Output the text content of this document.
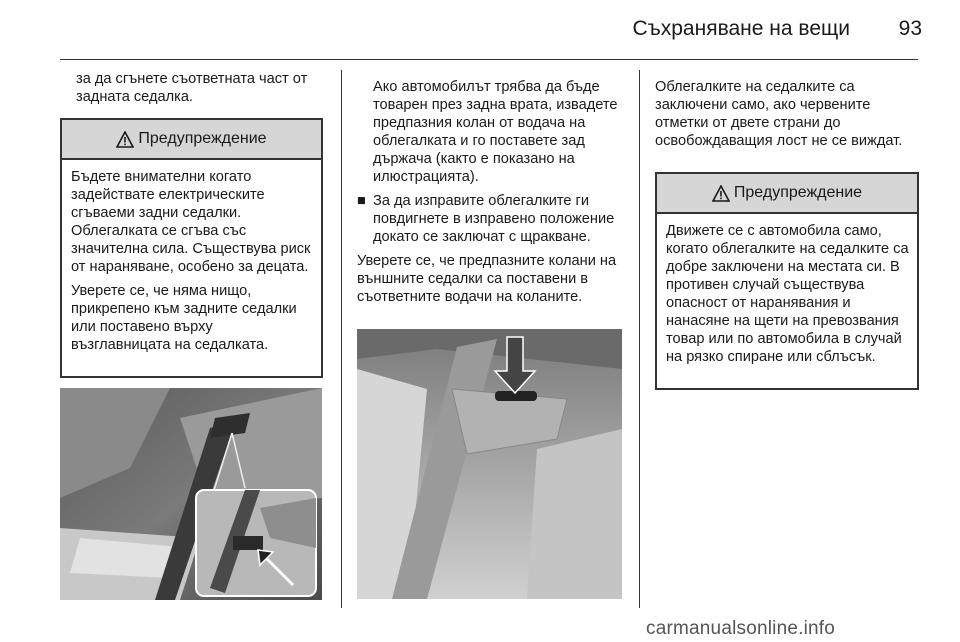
Съхраняване на вещи	93

за да сгънете съответната част от задната седалка.

Предупреждение

Бъдете внимателни когато задействате електрическите сгъваеми задни седалки. Облегалката се сгъва със значителна сила. Съществува риск от нараняване, особено за децата.

Уверете се, че няма нищо, прикрепено към задните седалки или поставено върху възглавницата на седалката.

Ако автомобилът трябва да бъде товарен през задна врата, извадете предпазния колан от водача на облегалката и го поставете зад държача (както е показано на илюстрацията).

■ За да изправите облегалките ги повдигнете в изправено положение докато се заключат с щракване.

Уверете се, че предпазните колани на външните седалки са поставени в съответните водачи на коланите.

Облегалките на седалките са заключени само, ако червените отметки от двете страни до освобождаващия лост не се виждат.

Предупреждение

Движете се с автомобила само, когато облегалките на седалките са добре заключени на местата си. В противен случай съществува опасност от наранявания и нанасяне на щети на превозвания товар или по автомобила в случай на рязко спиране или сблъсък.

carmanualsonline.info
